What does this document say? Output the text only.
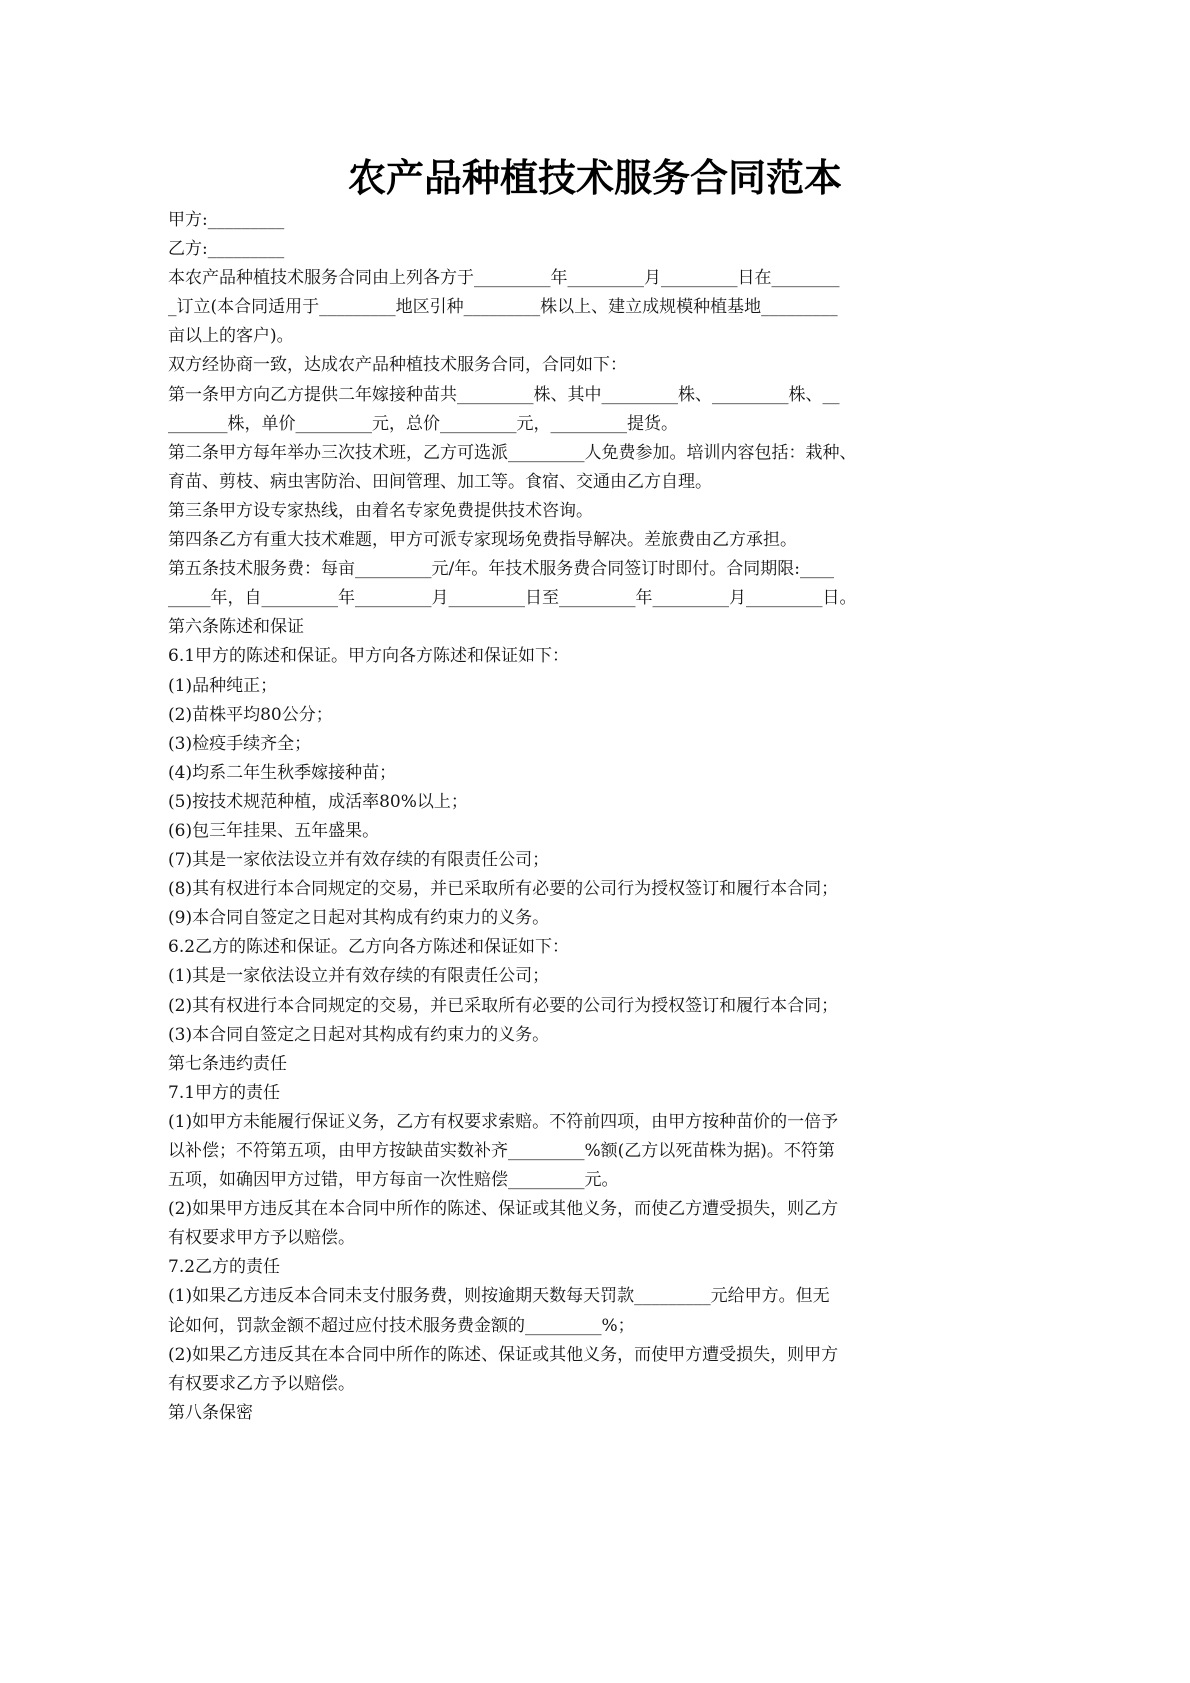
农产品种植技术服务合同范本
甲方:_________
乙方:_________
本农产品种植技术服务合同由上列各方于_________年_________月_________日在________
_订立(本合同适用于_________地区引种_________株以上、建立成规模种植基地_________
亩以上的客户)。
双方经协商一致，达成农产品种植技术服务合同，合同如下：
第一条甲方向乙方提供二年嫁接种苗共_________株、其中_________株、_________株、__
_______株，单价_________元，总价_________元，_________提货。
第二条甲方每年举办三次技术班，乙方可选派_________人免费参加。培训内容包括：栽种、
育苗、剪枝、病虫害防治、田间管理、加工等。食宿、交通由乙方自理。
第三条甲方设专家热线，由着名专家免费提供技术咨询。
第四条乙方有重大技术难题，甲方可派专家现场免费指导解决。差旅费由乙方承担。
第五条技术服务费：每亩_________元/年。年技术服务费合同签订时即付。合同期限:____
_____年，自_________年_________月_________日至_________年_________月_________日。
第六条陈述和保证
6.1甲方的陈述和保证。甲方向各方陈述和保证如下：
(1)品种纯正；
(2)苗株平均80公分；
(3)检疫手续齐全；
(4)均系二年生秋季嫁接种苗；
(5)按技术规范种植，成活率80%以上；
(6)包三年挂果、五年盛果。
(7)其是一家依法设立并有效存续的有限责任公司；
(8)其有权进行本合同规定的交易，并已采取所有必要的公司行为授权签订和履行本合同；
(9)本合同自签定之日起对其构成有约束力的义务。
6.2乙方的陈述和保证。乙方向各方陈述和保证如下：
(1)其是一家依法设立并有效存续的有限责任公司；
(2)其有权进行本合同规定的交易，并已采取所有必要的公司行为授权签订和履行本合同；
(3)本合同自签定之日起对其构成有约束力的义务。
第七条违约责任
7.1甲方的责任
(1)如甲方未能履行保证义务，乙方有权要求索赔。不符前四项，由甲方按种苗价的一倍予
以补偿；不符第五项，由甲方按缺苗实数补齐_________%额(乙方以死苗株为据)。不符第
五项，如确因甲方过错，甲方每亩一次性赔偿_________元。
(2)如果甲方违反其在本合同中所作的陈述、保证或其他义务，而使乙方遭受损失，则乙方
有权要求甲方予以赔偿。
7.2乙方的责任
(1)如果乙方违反本合同未支付服务费，则按逾期天数每天罚款_________元给甲方。但无
论如何，罚款金额不超过应付技术服务费金额的_________%；
(2)如果乙方违反其在本合同中所作的陈述、保证或其他义务，而使甲方遭受损失，则甲方
有权要求乙方予以赔偿。
第八条保密
